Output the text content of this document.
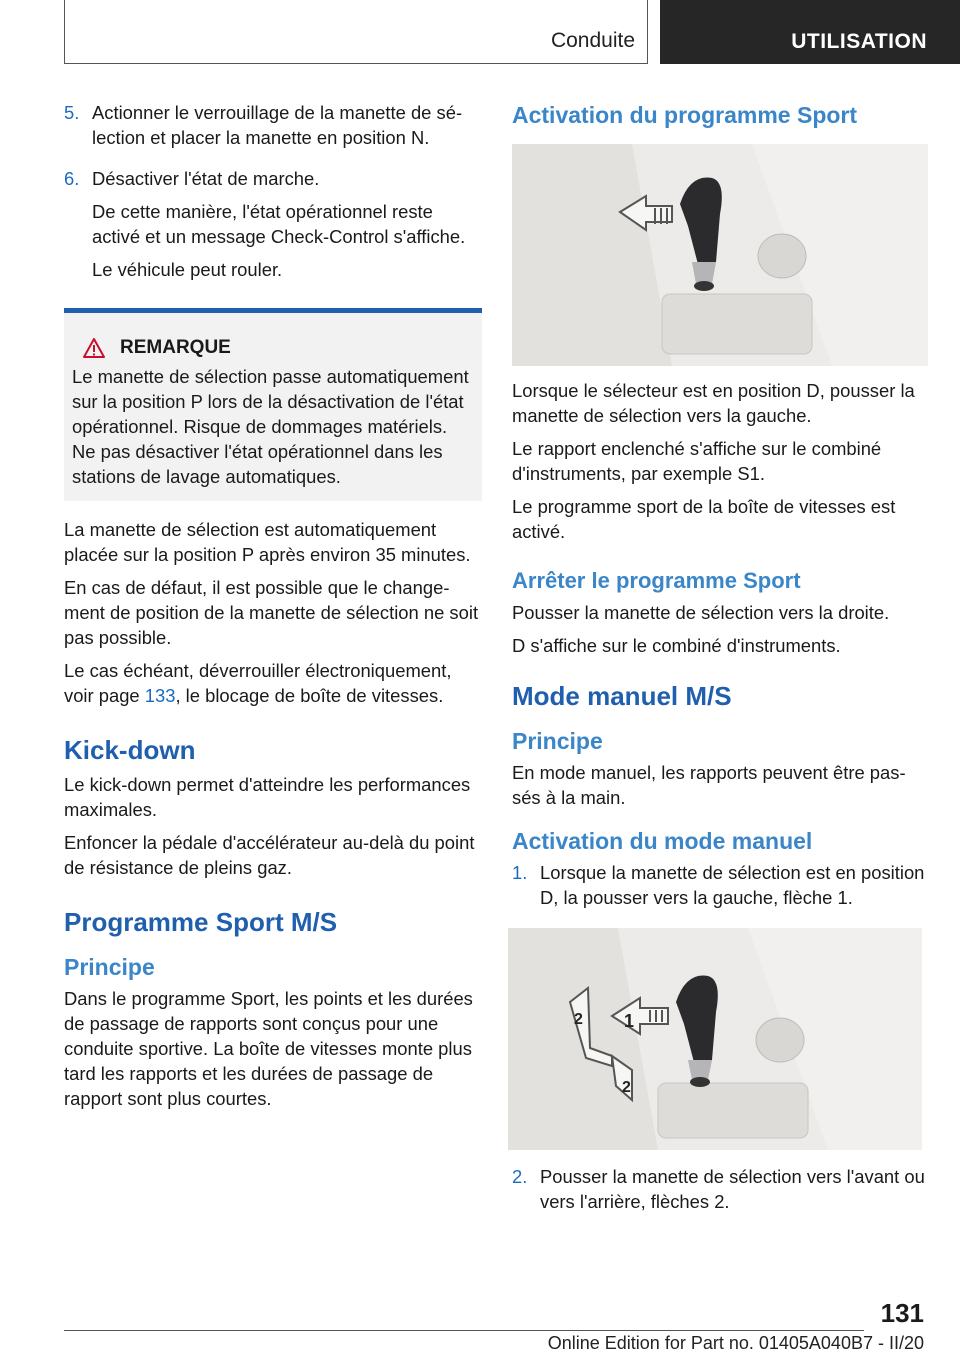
Conduite	UTILISATION
5. Actionner le verrouillage de la manette de sélection et placer la manette en position N.

6. Désactiver l'état de marche.

De cette manière, l'état opérationnel reste activé et un message Check-Control s'affiche.

Le véhicule peut rouler.

REMARQUE

Le manette de sélection passe automatiquement sur la position P lors de la désactivation de l'état opérationnel. Risque de dommages matériels. Ne pas désactiver l'état opérationnel dans les stations de lavage automatiques.

La manette de sélection est automatiquement placée sur la position P après environ 35 minutes.

En cas de défaut, il est possible que le changement de position de la manette de sélection ne soit pas possible.

Le cas échéant, déverrouiller électroniquement, voir page 133, le blocage de boîte de vitesses.

Kick-down

Le kick-down permet d'atteindre les performances maximales.

Enfoncer la pédale d'accélérateur au-delà du point de résistance de pleins gaz.

Programme Sport M/S
Principe

Dans le programme Sport, les points et les durées de passage de rapports sont conçus pour une conduite sportive. La boîte de vitesses monte plus tard les rapports et les durées de passage de rapport sont plus courtes.

Activation du programme Sport

Lorsque le sélecteur est en position D, pousser la manette de sélection vers la gauche.

Le rapport enclenché s'affiche sur le combiné d'instruments, par exemple S1.

Le programme sport de la boîte de vitesses est activé.

Arrêter le programme Sport

Pousser la manette de sélection vers la droite.

D s'affiche sur le combiné d'instruments.

Mode manuel M/S
Principe

En mode manuel, les rapports peuvent être passés à la main.

Activation du mode manuel
1. Lorsque la manette de sélection est en position D, la pousser vers la gauche, flèche 1.

1
2
2
2. Pousser la manette de sélection vers l'avant ou vers l'arrière, flèches 2.

131
Online Edition for Part no. 01405A040B7 - II/20
